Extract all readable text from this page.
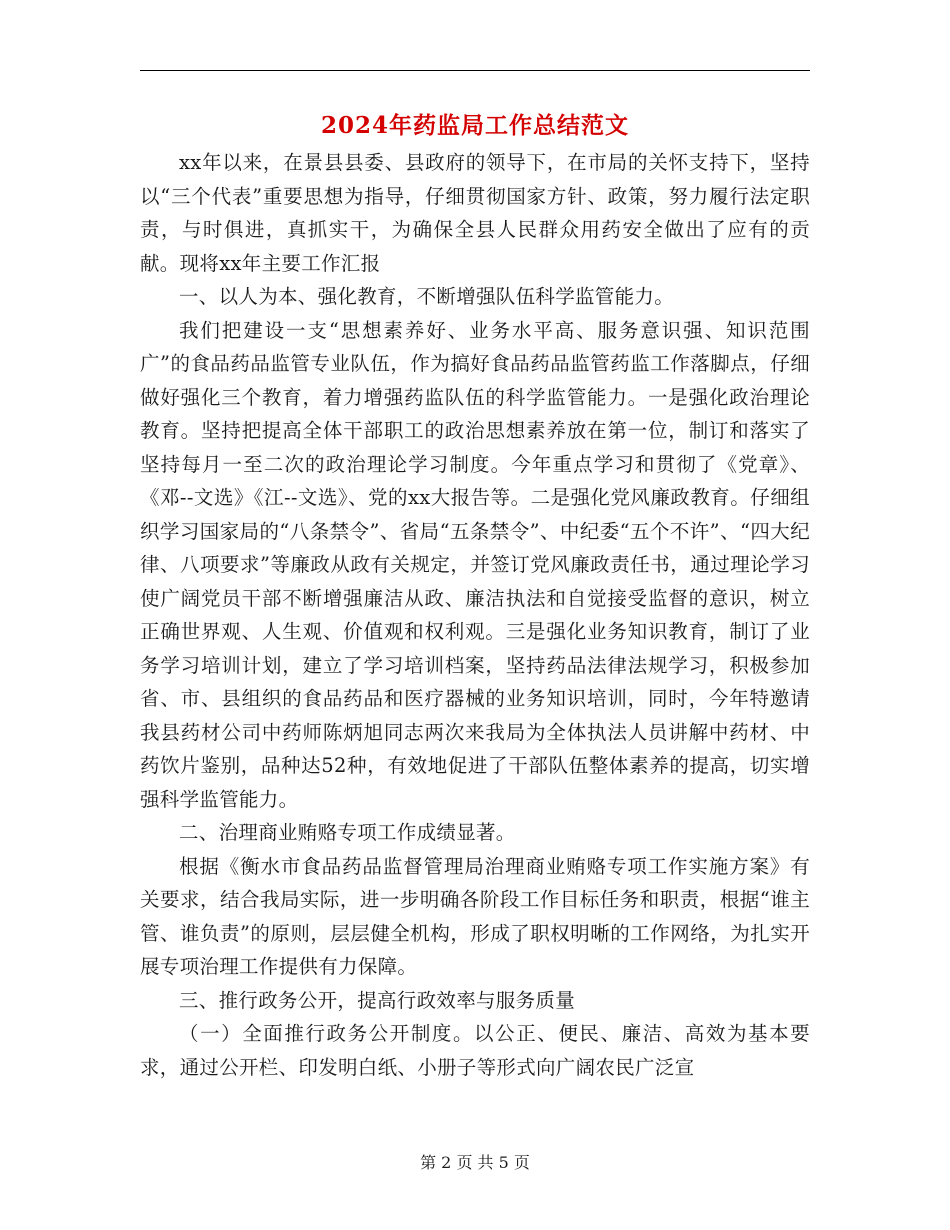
2024年药监局工作总结范文

xx年以来，在景县县委、县政府的领导下，在市局的关怀支持下，坚持以“三个代表”重要思想为指导，仔细贯彻国家方针、政策，努力履行法定职责，与时俱进，真抓实干，为确保全县人民群众用药安全做出了应有的贡献。现将xx年主要工作汇报

一、以人为本、强化教育，不断增强队伍科学监管能力。

我们把建设一支“思想素养好、业务水平高、服务意识强、知识范围广”的食品药品监管专业队伍，作为搞好食品药品监管药监工作落脚点，仔细做好强化三个教育，着力增强药监队伍的科学监管能力。一是强化政治理论教育。坚持把提高全体干部职工的政治思想素养放在第一位，制订和落实了坚持每月一至二次的政治理论学习制度。今年重点学习和贯彻了《党章》、《邓--文选》《江--文选》、党的xx大报告等。二是强化党风廉政教育。仔细组织学习国家局的“八条禁令”、省局“五条禁令”、中纪委“五个不许”、“四大纪律、八项要求”等廉政从政有关规定，并签订党风廉政责任书，通过理论学习使广阔党员干部不断增强廉洁从政、廉洁执法和自觉接受监督的意识，树立正确世界观、人生观、价值观和权利观。三是强化业务知识教育，制订了业务学习培训计划，建立了学习培训档案，坚持药品法律法规学习，积极参加省、市、县组织的食品药品和医疗器械的业务知识培训，同时，今年特邀请我县药材公司中药师陈炳旭同志两次来我局为全体执法人员讲解中药材、中药饮片鉴别，品种达52种，有效地促进了干部队伍整体素养的提高，切实增强科学监管能力。

二、治理商业贿赂专项工作成绩显著。

根据《衡水市食品药品监督管理局治理商业贿赂专项工作实施方案》有关要求，结合我局实际，进一步明确各阶段工作目标任务和职责，根据“谁主管、谁负责”的原则，层层健全机构，形成了职权明晰的工作网络，为扎实开展专项治理工作提供有力保障。

三、推行政务公开，提高行政效率与服务质量

（一）全面推行政务公开制度。以公正、便民、廉洁、高效为基本要求，通过公开栏、印发明白纸、小册子等形式向广阔农民广泛宣

第 2 页 共 5 页
